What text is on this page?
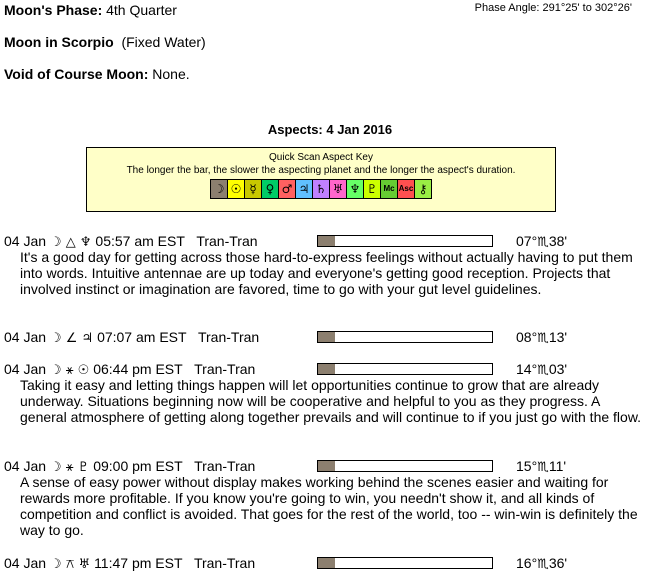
Moon's Phase: 4th Quarter	Phase Angle: 291°25' to 302°26'
Moon in Scorpio (Fixed Water)
Void of Course Moon: None.
Aspects: 4 Jan 2016
Quick Scan Aspect Key
The longer the bar, the slower the aspecting planet and the longer the aspect's duration.
☽ ☉ ☿ ♀ ♂ ♃ ♄ ♅ ♆ ♇ Mc Asc ⚷
04 Jan ☽ △ ♆ 05:57 am EST Tran-Tran	07°♏38'
It's a good day for getting across those hard-to-express feelings without actually having to put them into words. Intuitive antennae are up today and everyone's getting good reception. Projects that involved instinct or imagination are favored, time to go with your gut level guidelines.
04 Jan ☽ ∠ ♃ 07:07 am EST Tran-Tran	08°♏13'
04 Jan ☽ ⚹ ☉ 06:44 pm EST Tran-Tran	14°♏03'
Taking it easy and letting things happen will let opportunities continue to grow that are already underway. Situations beginning now will be cooperative and helpful to you as they progress. A general atmosphere of getting along together prevails and will continue to if you just go with the flow.
04 Jan ☽ ⚹ ♇ 09:00 pm EST Tran-Tran	15°♏11'
A sense of easy power without display makes working behind the scenes easier and waiting for rewards more profitable. If you know you're going to win, you needn't show it, and all kinds of competition and conflict is avoided. That goes for the rest of the world, too -- win-win is definitely the way to go.
04 Jan ☽ ⚻ ♅ 11:47 pm EST Tran-Tran	16°♏36'
